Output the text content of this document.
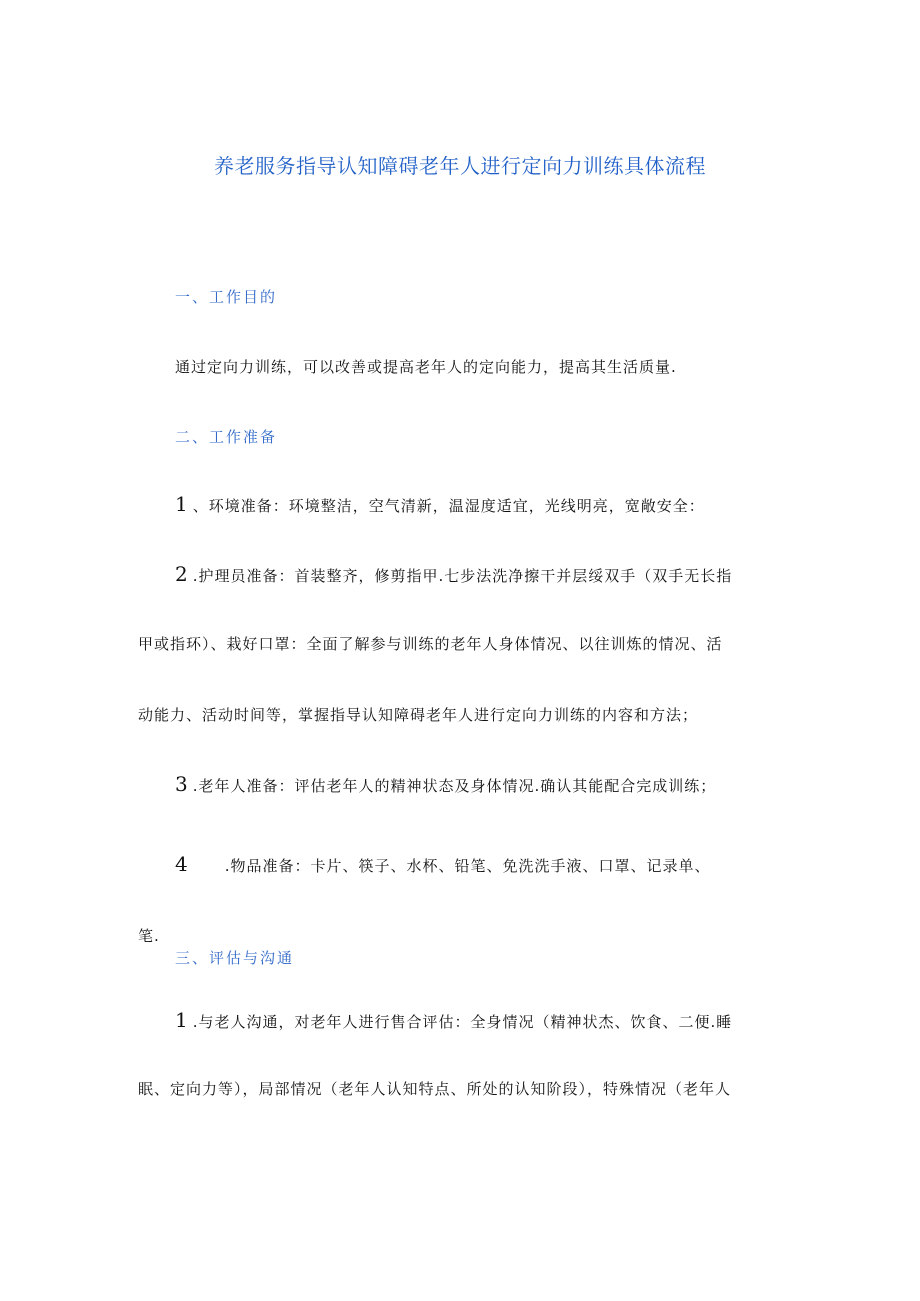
养老服务指导认知障碍老年人进行定向力训练具体流程
一、工作目的
通过定向力训练，可以改善或提高老年人的定向能力，提高其生活质量.
二、工作准备
1 、环境准备：环境整洁，空气清新，温湿度适宜，光线明亮，宽敞安全：
2 .护理员准备：首装整齐，修剪指甲.七步法洗净擦干并层绥双手（双手无长指
甲或指环）、栽好口罩：全面了解参与训练的老年人身体情况、以往训炼的情况、活
动能力、活动时间等，掌握指导认知障碍老年人进行定向力训练的内容和方法；
3 .老年人准备：评估老年人的精神状态及身体情况.确认其能配合完成训练；
4 .物品准备：卡片、筷子、水杯、铅笔、免洗洗手液、口罩、记录单、
笔.
三、评估与沟通
1 .与老人沟通，对老年人进行售合评估：全身情况（精神状杰、饮食、二便.睡
眠、定向力等），局部情况（老年人认知特点、所处的认知阶段），特殊情况（老年人
